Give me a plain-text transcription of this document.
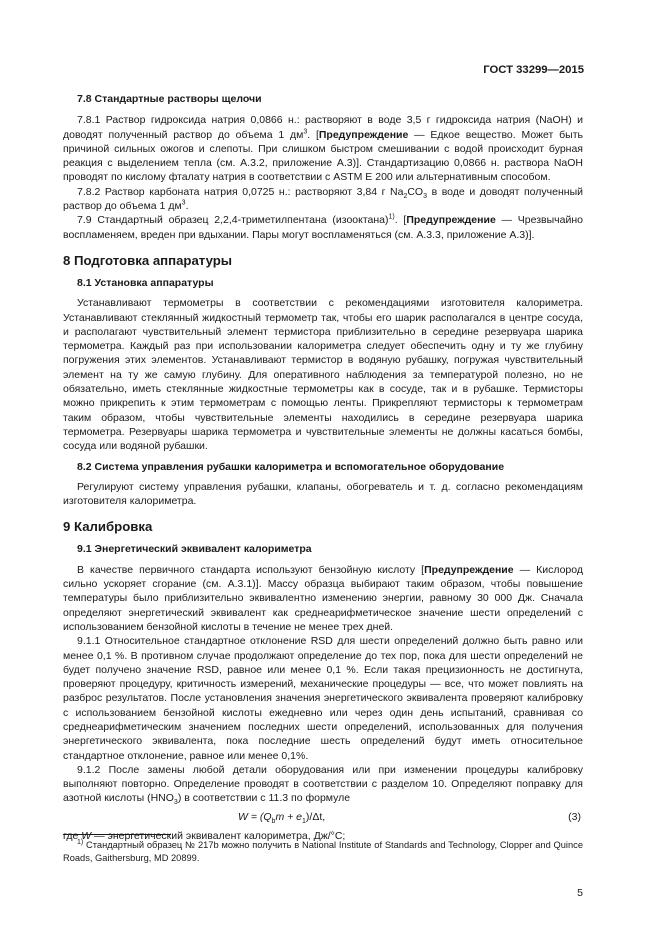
ГОСТ 33299—2015
7.8 Стандартные растворы щелочи

7.8.1 Раствор гидроксида натрия 0,0866 н.: растворяют в воде 3,5 г гидроксида натрия (NaOH) и доводят полученный раствор до объема 1 $дм^3$. [Предупреждение — Едкое вещество. Может быть причиной сильных ожогов и слепоты. При слишком быстром смешивании с водой происходит бурная реакция с выделением тепла (см. А.3.2, приложение А.3)]. Стандартизацию 0,0866 н. раствора NaOH проводят по кислому фталату натрия в соответствии с ASTM E 200 или альтернативным способом.

7.8.2 Раствор карбоната натрия 0,0725 н.: растворяют 3,84 г $Na_2CO_3$ в воде и доводят полученный раствор до объема 1 $дм^3$.

7.9 Стандартный образец 2,2,4-триметилпентана (изооктана)$^{1)}$. [Предупреждение — Чрезвычайно воспламеняем, вреден при вдыхании. Пары могут воспламеняться (см. А.3.3, приложение А.3)].

8 Подготовка аппаратуры
8.1 Установка аппаратуры

Устанавливают термометры в соответствии с рекомендациями изготовителя калориметра. Устанавливают стеклянный жидкостный термометр так, чтобы его шарик располагался в центре сосуда, и располагают чувствительный элемент термистора приблизительно в середине резервуара шарика термометра. Каждый раз при использовании калориметра следует обеспечить одну и ту же глубину погружения этих элементов. Устанавливают термистор в водяную рубашку, погружая чувствительный элемент на ту же самую глубину. Для оперативного наблюдения за температурой полезно, но не обязательно, иметь стеклянные жидкостные термометры как в сосуде, так и в рубашке. Термисторы можно прикрепить к этим термометрам с помощью ленты. Прикрепляют термисторы к термометрам таким образом, чтобы чувствительные элементы находились в середине резервуара шарика термометра. Резервуары шарика термометра и чувствительные элементы не должны касаться бомбы, сосуда или водяной рубашки.

8.2 Система управления рубашки калориметра и вспомогательное оборудование

Регулируют систему управления рубашки, клапаны, обогреватель и т. д. согласно рекомендациям изготовителя калориметра.

9 Калибровка
9.1 Энергетический эквивалент калориметра

В качестве первичного стандарта используют бензойную кислоту [Предупреждение — Кислород сильно ускоряет сгорание (см. А.3.1)]. Массу образца выбирают таким образом, чтобы повышение температуры было приблизительно эквивалентно изменению энергии, равному 30 000 Дж. Сначала определяют энергетический эквивалент как среднеарифметическое значение шести определений с использованием бензойной кислоты в течение не менее трех дней.

9.1.1 Относительное стандартное отклонение RSD для шести определений должно быть равно или менее 0,1 %. В противном случае продолжают определение до тех пор, пока для шести определений не будет получено значение RSD, равное или менее 0,1 %. Если такая прецизионность не достигнута, проверяют процедуру, критичность измерений, механические процедуры — все, что может повлиять на разброс результатов. После установления значения энергетического эквивалента проверяют калибровку с использованием бензойной кислоты ежедневно или через один день испытаний, сравнивая со среднеарифметическим значением последних шести определений, использованных для получения энергетического эквивалента, пока последние шесть определений будут иметь относительное стандартное отклонение, равное или менее 0,1%.

9.1.2 После замены любой детали оборудования или при изменении процедуры калибровку выполняют повторно. Определение проводят в соответствии с разделом 10. Определяют поправку для азотной кислоты $(HNO_3)$ в соответствии с 11.3 по формуле

$W = (Q_bm + e_1)/\Delta t$,	(3)

где W — энергетический эквивалент калориметра, Дж/°С;

$^{1)}$ Стандартный образец № 217b можно получить в National Institute of Standards and Technology, Clopper and Quince Roads, Gaithersburg, MD 20899.
5
